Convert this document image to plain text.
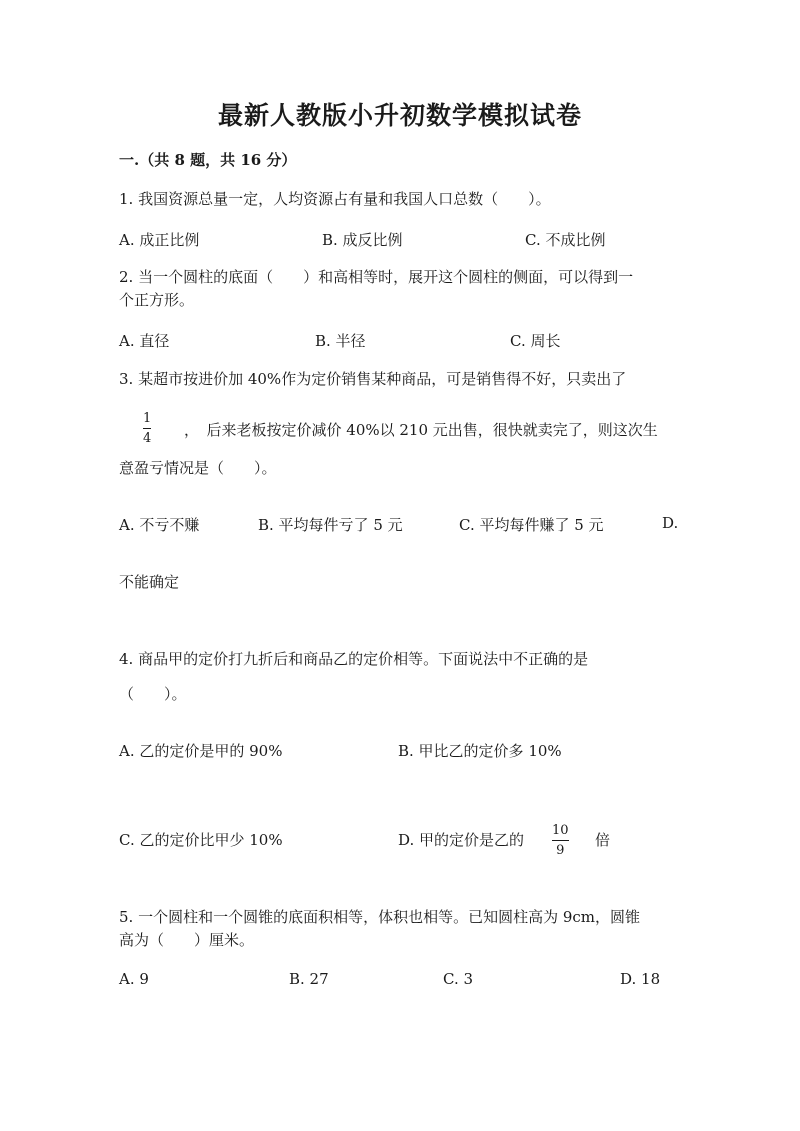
最新人教版小升初数学模拟试卷
一.（共 8 题，共 16 分）
1. 我国资源总量一定，人均资源占有量和我国人口总数（　　）。
A. 成正比例	B. 成反比例	C. 不成比例
2. 当一个圆柱的底面（　　）和高相等时，展开这个圆柱的侧面，可以得到一
个正方形。
A. 直径	B. 半径	C. 周长
3. 某超市按进价加 40%作为定价销售某种商品，可是销售得不好，只卖出了
1
4 ，　后来老板按定价减价 40%以 210 元出售，很快就卖完了，则这次生
意盈亏情况是（　　）。
A. 不亏不赚	B. 平均每件亏了 5 元	C. 平均每件赚了 5 元	D.
不能确定
4. 商品甲的定价打九折后和商品乙的定价相等。下面说法中不正确的是
（　　）。
A. 乙的定价是甲的 90%	B. 甲比乙的定价多 10%
C. 乙的定价比甲少 10%	D. 甲的定价是乙的
10
9
倍
5. 一个圆柱和一个圆锥的底面积相等，体积也相等。已知圆柱高为 9cm，圆锥
高为（　　）厘米。
A. 9	B. 27	C. 3	D. 18
